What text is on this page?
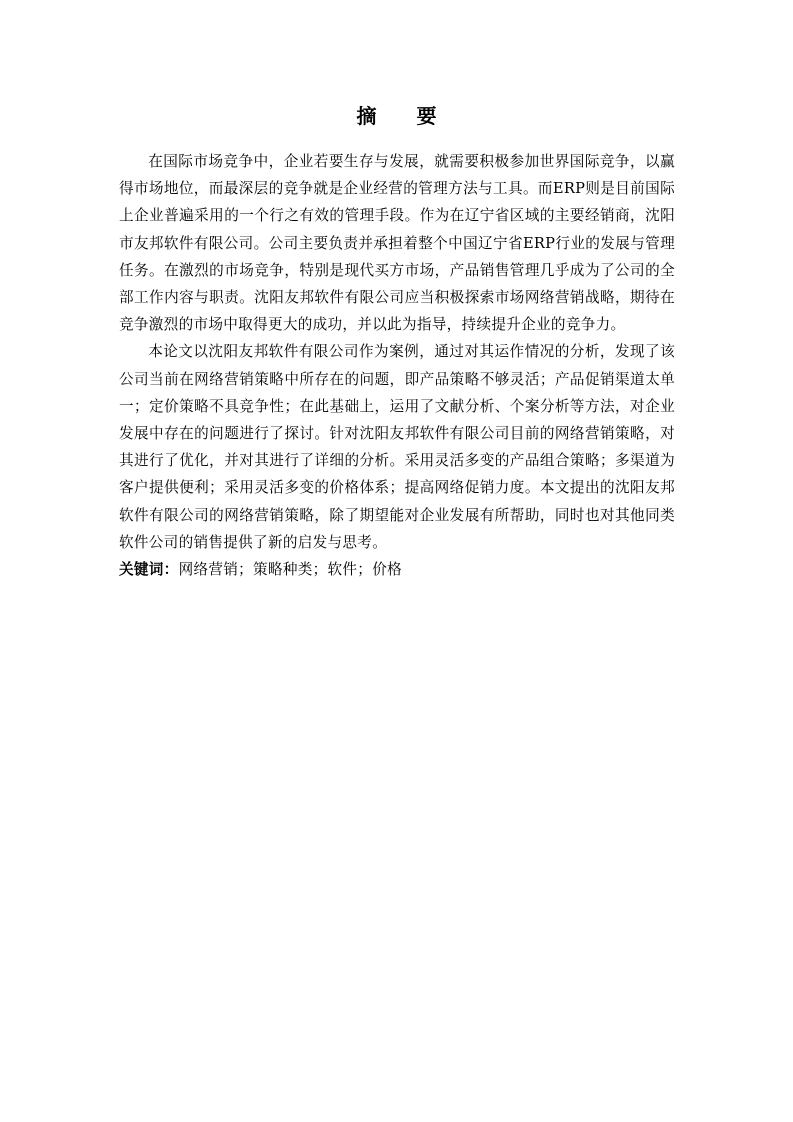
摘 要

在国际市场竞争中，企业若要生存与发展，就需要积极参加世界国际竞争，以赢得市场地位，而最深层的竞争就是企业经营的管理方法与工具。而ERP则是目前国际上企业普遍采用的一个行之有效的管理手段。作为在辽宁省区域的主要经销商，沈阳市友邦软件有限公司。公司主要负责并承担着整个中国辽宁省ERP行业的发展与管理任务。在激烈的市场竞争，特别是现代买方市场，产品销售管理几乎成为了公司的全部工作内容与职责。沈阳友邦软件有限公司应当积极探索市场网络营销战略，期待在竞争激烈的市场中取得更大的成功，并以此为指导，持续提升企业的竞争力。

本论文以沈阳友邦软件有限公司作为案例，通过对其运作情况的分析，发现了该公司当前在网络营销策略中所存在的问题，即产品策略不够灵活；产品促销渠道太单一；定价策略不具竞争性；在此基础上，运用了文献分析、个案分析等方法，对企业发展中存在的问题进行了探讨。针对沈阳友邦软件有限公司目前的网络营销策略，对其进行了优化，并对其进行了详细的分析。采用灵活多变的产品组合策略；多渠道为客户提供便利；采用灵活多变的价格体系；提高网络促销力度。本文提出的沈阳友邦软件有限公司的网络营销策略，除了期望能对企业发展有所帮助，同时也对其他同类软件公司的销售提供了新的启发与思考。

关键词：网络营销；策略种类；软件；价格
